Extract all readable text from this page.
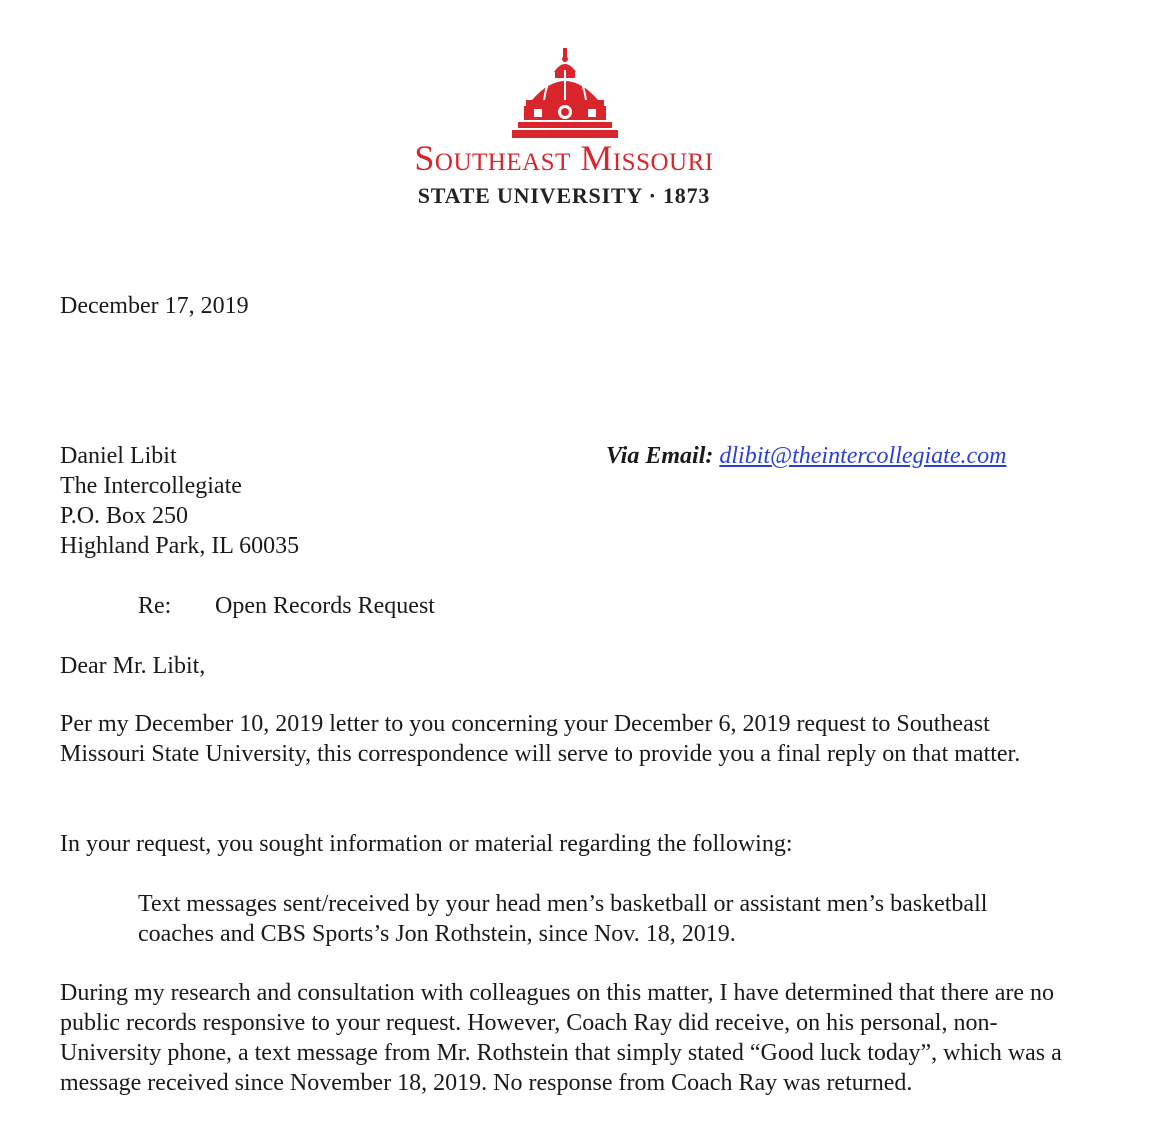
Southeast Missouri
STATE UNIVERSITY · 1873
December 17, 2019
Daniel Libit
The Intercollegiate
P.O. Box 250
Highland Park, IL 60035
Via Email: dlibit@theintercollegiate.com
Re: Open Records Request
Dear Mr. Libit,
Per my December 10, 2019 letter to you concerning your December 6, 2019 request to Southeast Missouri State University, this correspondence will serve to provide you a final reply on that matter.
In your request, you sought information or material regarding the following:
Text messages sent/received by your head men’s basketball or assistant men’s basketball coaches and CBS Sports’s Jon Rothstein, since Nov. 18, 2019.
During my research and consultation with colleagues on this matter, I have determined that there are no public records responsive to your request. However, Coach Ray did receive, on his personal, non-University phone, a text message from Mr. Rothstein that simply stated “Good luck today”, which was a message received since November 18, 2019. No response from Coach Ray was returned.
